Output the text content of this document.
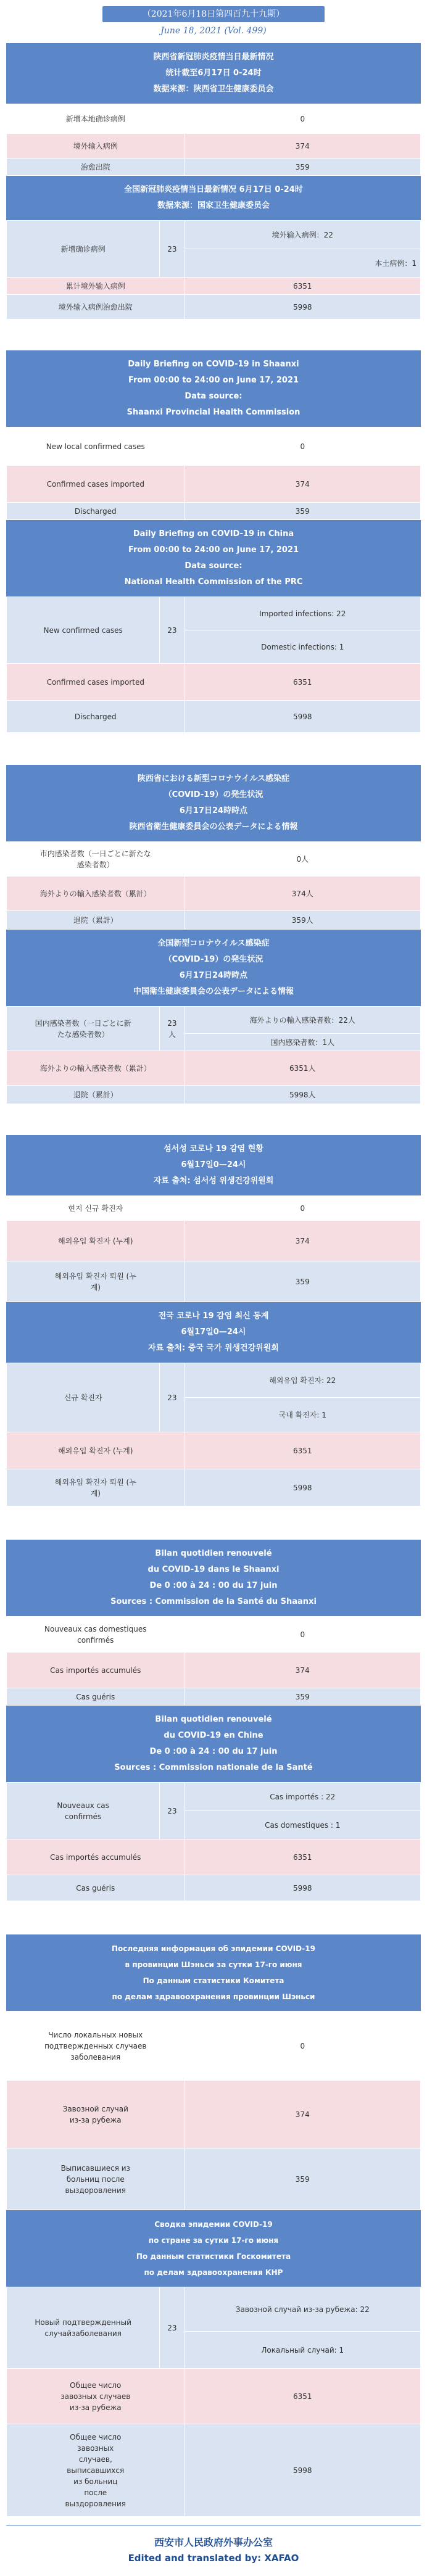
（2021年6月18日第四百九十九期）
June 18, 2021 (Vol. 499)
陕西省新冠肺炎疫情当日最新情况
统计截至6月17日 0-24时
数据来源：陕西省卫生健康委员会
新增本地确诊病例	0
境外输入病例	374
治愈出院	359
全国新冠肺炎疫情当日最新情况 6月17日 0-24时
数据来源：国家卫生健康委员会
新增确诊病例	23	境外输入病例：22
		本土病例：1
累计境外输入病例		6351
境外输入病例治愈出院		5998
Daily Briefing on COVID-19 in Shaanxi
From 00:00 to 24:00 on June 17, 2021
Data source:
Shaanxi Provincial Health Commission
New local confirmed cases	0
Confirmed cases imported	374
Discharged	359
Daily Briefing on COVID-19 in China
From 00:00 to 24:00 on June 17, 2021
Data source:
National Health Commission of the PRC
New confirmed cases	23	Imported infections: 22
		Domestic infections: 1
Confirmed cases imported		6351
Discharged		5998
陕西省における新型コロナウイルス感染症
（COVID-19）の発生状況
6月17日24時時点
陕西省衛生健康委員会の公表データによる情報
市内感染者数（一日ごとに新たな感染者数）	0人
海外よりの輸入感染者数（累計）	374人
退院（累計）	359人
全国新型コロナウイルス感染症
（COVID-19）の発生状況
6月17日24時時点
中国衛生健康委員会の公表データによる情報
国内感染者数（一日ごとに新たな感染者数）	23人	海外よりの輸入感染者数：22人
		国内感染者数：1人
海外よりの輸入感染者数（累計）		6351人
退院（累計）		5998人
섬서성 코로나 19 감염 현황
6월17일0—24시
자료 출처: 섬서성 위생건강위원회
현지 신규 확진자	0
해외유입 확진자 (누계)	374
해외유입 확진자 퇴원 (누계)	359
전국 코로나 19 감염 최신 동계
6월17일0—24시
자료 출처: 중국 국가 위생건강위원회
신규 확진자	23	해외유입 확진자: 22
		국내 확진자: 1
해외유입 확진자 (누계)		6351
해외유입 확진자 퇴원 (누계)		5998
Bilan quotidien renouvelé
du COVID-19 dans le Shaanxi
De 0 :00 à 24 : 00 du 17 juin
Sources : Commission de la Santé du Shaanxi
Nouveaux cas domestiques confirmés	0
Cas importés accumulés	374
Cas guéris	359
Bilan quotidien renouvelé
du COVID-19 en Chine
De 0 :00 à 24 : 00 du 17 juin
Sources : Commission nationale de la Santé
Nouveaux cas confirmés	23	Cas importés : 22
		Cas domestiques : 1
Cas importés accumulés		6351
Cas guéris		5998
Последняя информация об эпидемии COVID-19
в провинции Шэньси за сутки 17-го июня
По данным статистики Комитета
по делам здравоохранения провинции Шэньси
Число локальных новых подтвержденных случаев заболевания	0
Завозной случай из-за рубежа	374
Выписавшиеся из больниц после выздоровления	359
Сводка эпидемии COVID-19
по стране за сутки 17-го июня
По данным статистики Госкомитета
по делам здравоохранения КНР
Новый подтвержденный случайзаболевания	23	Завозной случай из-за рубежа: 22
		Локальный случай: 1
Общее число завозных случаев из-за рубежа		6351
Общее число завозных случаев, выписавшихся из больниц после выздоровления		5998
西安市人民政府外事办公室
Edited and translated by: XAFAO
